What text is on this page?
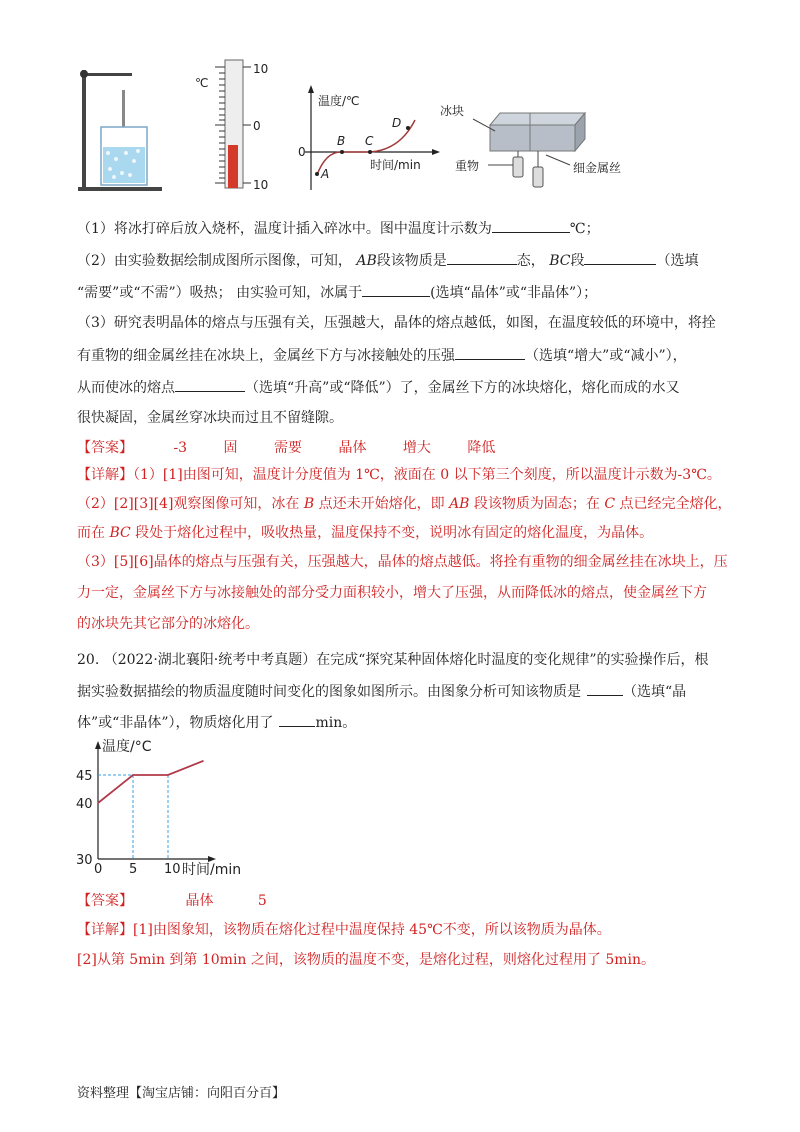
℃
10
0
10
温度/℃
时间/min
0
A
B C
D
冰块
重物	细金属丝
（1）将冰打碎后放入烧杯，温度计插入碎冰中。图中温度计示数为	℃；
（2）由实验数据绘制成图所示图像，可知， AB段该物质是	态， BC段	（选填
“需要”或“不需”）吸热； 由实验可知，冰属于	(选填“晶体”或“非晶体”）；
（3）研究表明晶体的熔点与压强有关，压强越大，晶体的熔点越低，如图，在温度较低的环境中，将拴
有重物的细金属丝挂在冰块上，金属丝下方与冰接触处的压强	（选填“增大”或“减小”），
从而使冰的熔点	（选填“升高”或“降低”）了，金属丝下方的冰块熔化，熔化而成的水又
很快凝固，金属丝穿冰块而过且不留缝隙。
【答案】	-3	固	需要	晶体	增大	降低
【详解】（1）[1]由图可知，温度计分度值为 1℃，液面在 0 以下第三个刻度，所以温度计示数为-3℃。
（2）[2][3][4]观察图像可知，冰在 B 点还未开始熔化，即 AB 段该物质为固态；在 C 点已经完全熔化，
而在 BC 段处于熔化过程中，吸收热量，温度保持不变，说明冰有固定的熔化温度，为晶体。
（3）[5][6]晶体的熔点与压强有关，压强越大，晶体的熔点越低。将拴有重物的细金属丝挂在冰块上，压
力一定，金属丝下方与冰接触处的部分受力面积较小，增大了压强，从而降低冰的熔点，使金属丝下方
的冰块先其它部分的冰熔化。
20. （2022·湖北襄阳·统考中考真题）在完成“探究某种固体熔化时温度的变化规律”的实验操作后，根
据实验数据描绘的物质温度随时间变化的图象如图所示。由图象分析可知该物质是	（选填“晶
体”或“非晶体”），物质熔化用了	min。
0 5 10
30
40
45
温度/°C
时间/min
【答案】	晶体	5
【详解】[1]由图象知，该物质在熔化过程中温度保持 45℃不变，所以该物质为晶体。
[2]从第 5min 到第 10min 之间，该物质的温度不变，是熔化过程，则熔化过程用了 5min。
资料整理【淘宝店铺：向阳百分百】
